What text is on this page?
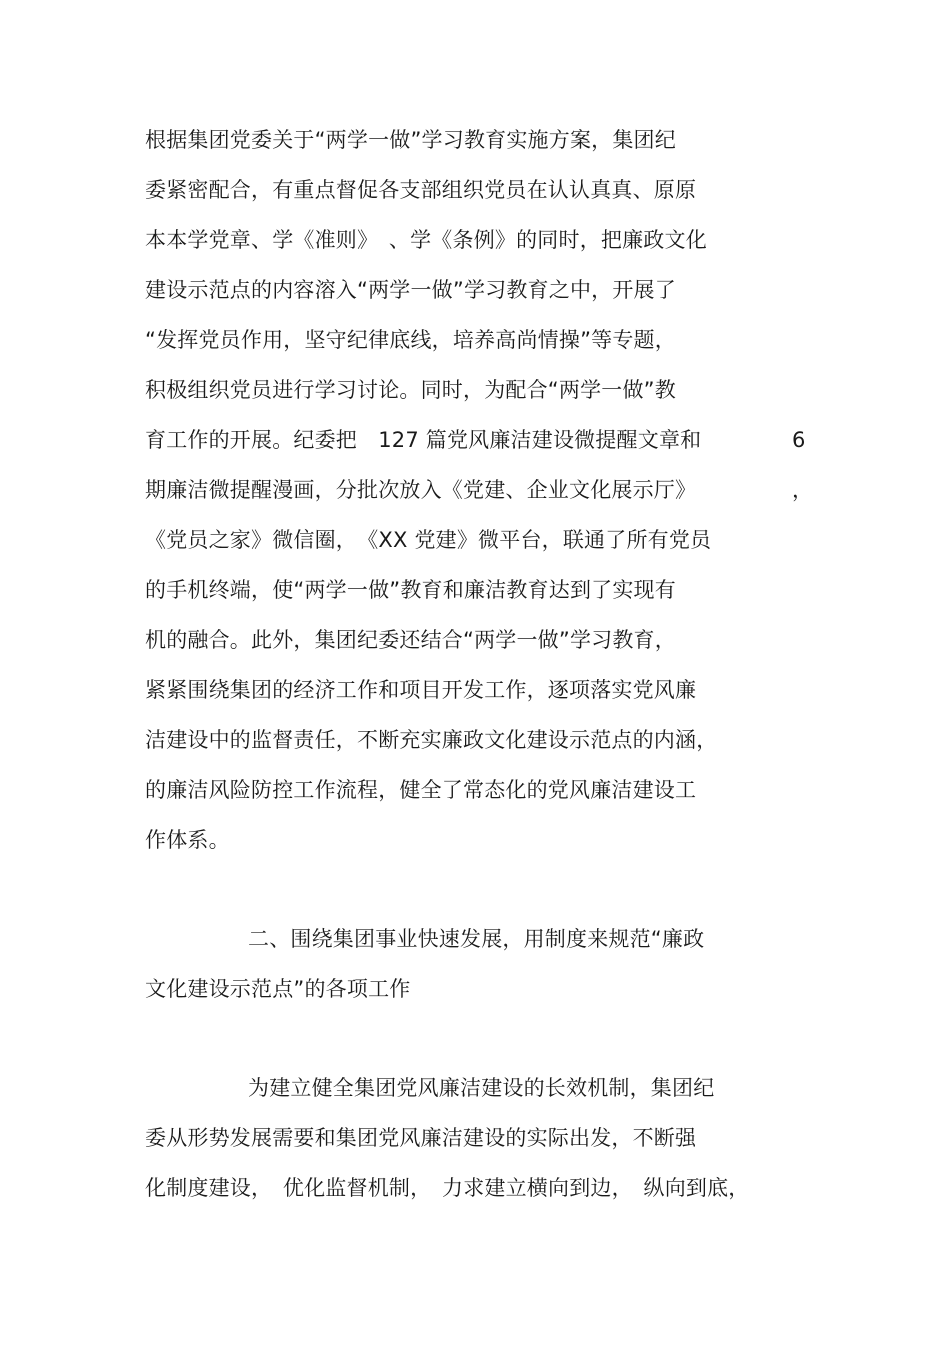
根据集团党委关于“两学一做”学习教育实施方案，集团纪
委紧密配合，有重点督促各支部组织党员在认认真真、原原
本本学党章、学《准则》　、学《条例》的同时，把廉政文化
建设示范点的内容溶入“两学一做”学习教育之中，开展了
“发挥党员作用，坚守纪律底线，培养高尚情操”等专题，
积极组织党员进行学习讨论。同时，为配合“两学一做”教
育工作的开展。纪委把　127 篇党风廉洁建设微提醒文章和	6
期廉洁微提醒漫画，分批次放入《党建、企业文化展示厅》	，
《党员之家》微信圈，　《XX 党建》微平台，联通了所有党员
的手机终端，使“两学一做”教育和廉洁教育达到了实现有
机的融合。此外，集团纪委还结合“两学一做”学习教育，
紧紧围绕集团的经济工作和项目开发工作，逐项落实党风廉
洁建设中的监督责任，不断充实廉政文化建设示范点的内涵，
的廉洁风险防控工作流程，健全了常态化的党风廉洁建设工
作体系。
二、围绕集团事业快速发展，用制度来规范“廉政
文化建设示范点”的各项工作
为建立健全集团党风廉洁建设的长效机制，集团纪
委从形势发展需要和集团党风廉洁建设的实际出发，不断强
化制度建设，　优化监督机制，　力求建立横向到边，　纵向到底，
